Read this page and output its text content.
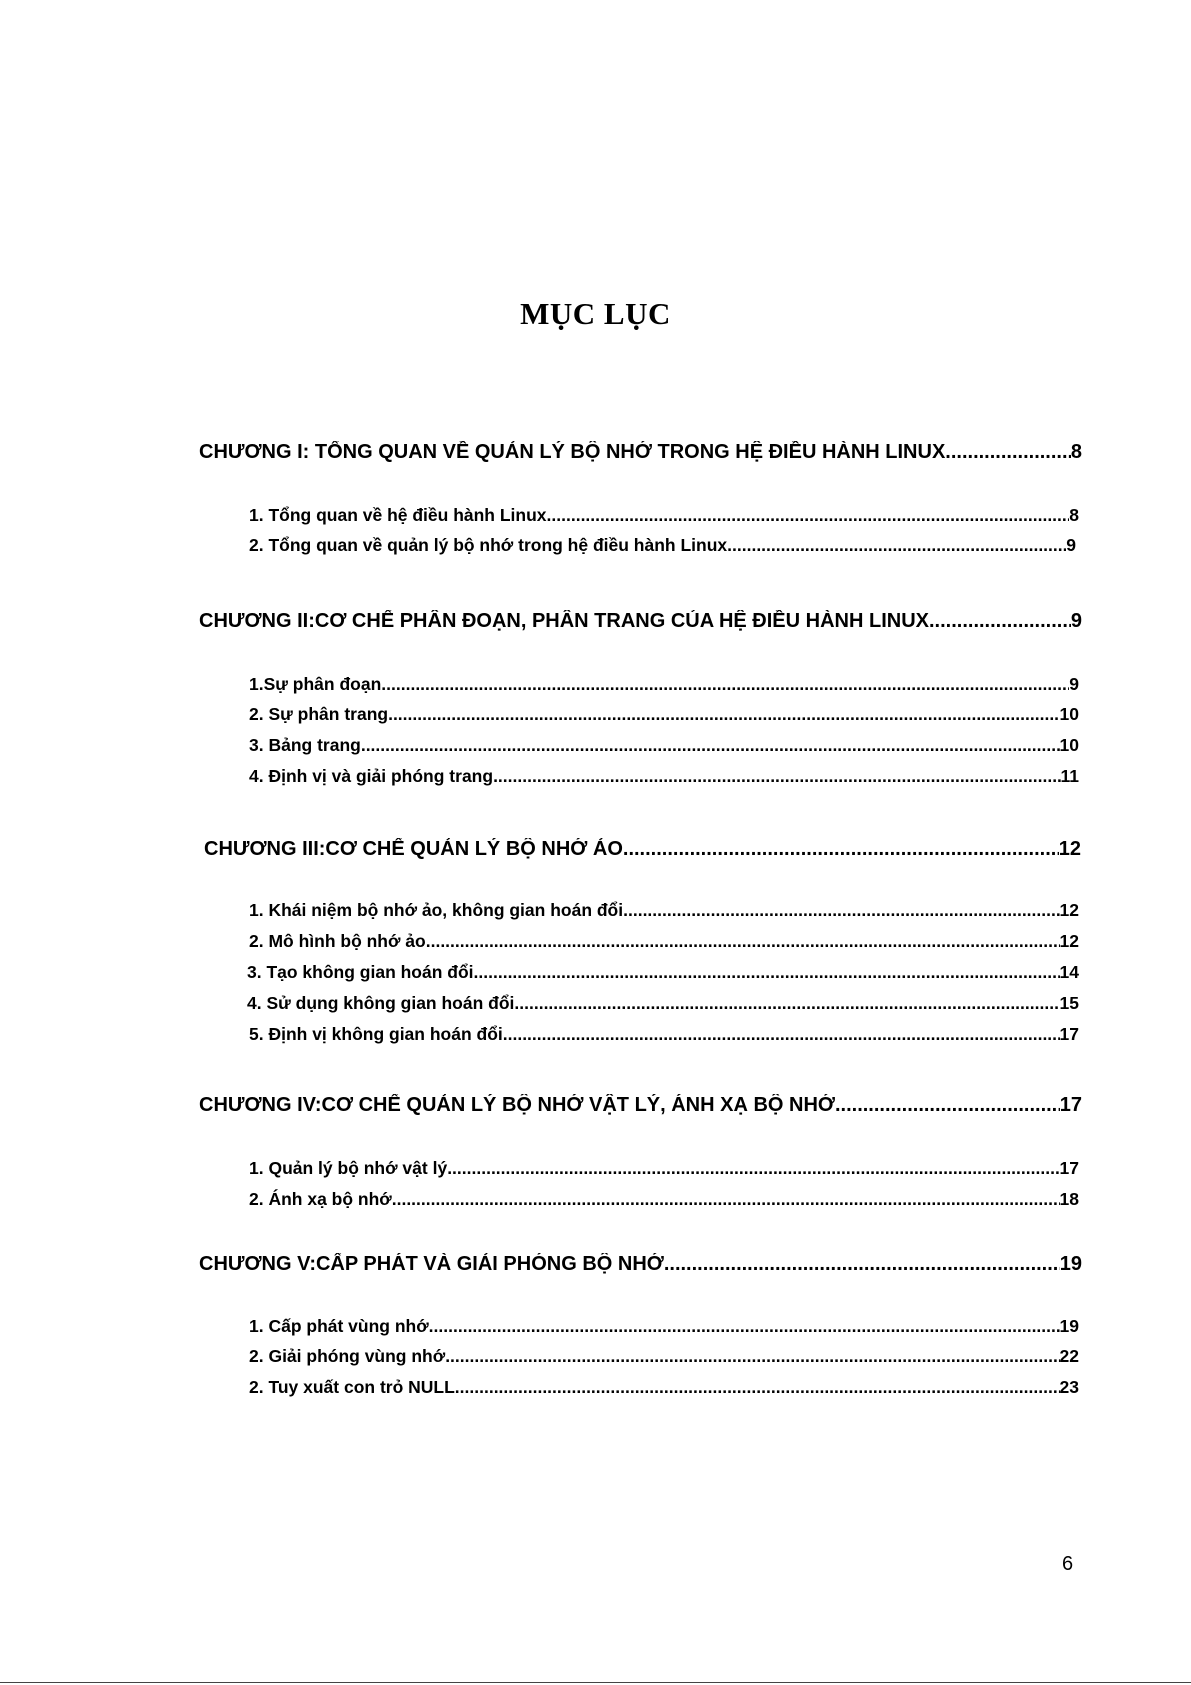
MỤC LỤC
CHƯƠNG I: TỔNG QUAN VỀ QUẢN LÝ BỘ NHỚ TRONG HỆ ĐIỀU HÀNH LINUX .....	8
1. Tổng quan về hệ điều hành Linux .....	8
2. Tổng quan về quản lý bộ nhớ trong hệ điều hành Linux .....	9
CHƯƠNG II:CƠ CHẾ PHÂN ĐOẠN, PHÂN TRANG CỦA HỆ ĐIỀU HÀNH LINUX .....	9
1.Sự phân đoạn .....	9
2. Sự phân trang .....	10
3. Bảng trang .....	10
4. Định vị và giải phóng trang .....	11
CHƯƠNG III:CƠ CHẾ QUẢN LÝ BỘ NHỚ ẢO .....	12
1. Khái niệm bộ nhớ ảo, không gian hoán đổi .....	12
2. Mô hình bộ nhớ ảo .....	12
3. Tạo không gian hoán đổi .....	14
4. Sử dụng không gian hoán đổi .....	15
5. Định vị không gian hoán đổi .....	17
CHƯƠNG IV:CƠ CHẾ QUẢN LÝ BỘ NHỚ VẬT LÝ, ÁNH XẠ BỘ NHỚ .....	17
1. Quản lý bộ nhớ vật lý .....	17
2. Ánh xạ bộ nhớ .....	18
CHƯƠNG V:CẤP PHÁT VÀ GIẢI PHÓNG BỘ NHỚ .....	19
1. Cấp phát vùng nhớ .....	19
2. Giải phóng vùng nhớ .....	22
2. Tuy xuất con trỏ NULL .....	23
6
